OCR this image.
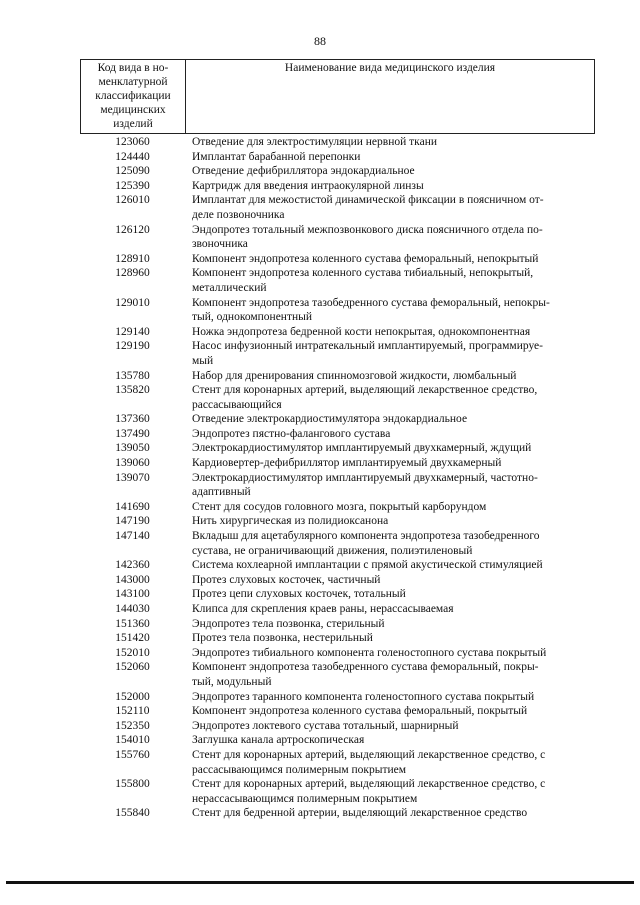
88
Код вида в но-
менклатурной
классификации
медицинских
изделий
Наименование вида медицинского изделия
123060	Отведение для электростимуляции нервной ткани
124440	Имплантат барабанной перепонки
125090	Отведение дефибриллятора эндокардиальное
125390	Картридж для введения интраокулярной линзы
126010	Имплантат для межостистой динамической фиксации в поясничном от-
деле позвоночника
126120	Эндопротез тотальный межпозвонкового диска поясничного отдела по-
звоночника
128910	Компонент эндопротеза коленного сустава феморальный, непокрытый
128960	Компонент эндопротеза коленного сустава тибиальный, непокрытый,
металлический
129010	Компонент эндопротеза тазобедренного сустава феморальный, непокры-
тый, однокомпонентный
129140	Ножка эндопротеза бедренной кости непокрытая, однокомпонентная
129190	Насос инфузионный интратекальный имплантируемый, программируе-
мый
135780	Набор для дренирования спинномозговой жидкости, люмбальный
135820	Стент для коронарных артерий, выделяющий лекарственное средство,
рассасывающийся
137360	Отведение электрокардиостимулятора эндокардиальное
137490	Эндопротез пястно-фалангового сустава
139050	Электрокардиостимулятор имплантируемый двухкамерный, ждущий
139060	Кардиовертер-дефибриллятор имплантируемый двухкамерный
139070	Электрокардиостимулятор имплантируемый двухкамерный, частотно-
адаптивный
141690	Стент для сосудов головного мозга, покрытый карборундом
147190	Нить хирургическая из полидиоксанона
147140	Вкладыш для ацетабулярного компонента эндопротеза тазобедренного
сустава, не ограничивающий движения, полиэтиленовый
142360	Система кохлеарной имплантации с прямой акустической стимуляцией
143000	Протез слуховых косточек, частичный
143100	Протез цепи слуховых косточек, тотальный
144030	Клипса для скрепления краев раны, нерассасываемая
151360	Эндопротез тела позвонка, стерильный
151420	Протез тела позвонка, нестерильный
152010	Эндопротез тибиального компонента голеностопного сустава покрытый
152060	Компонент эндопротеза тазобедренного сустава феморальный, покры-
тый, модульный
152000	Эндопротез таранного компонента голеностопного сустава покрытый
152110	Компонент эндопротеза коленного сустава феморальный, покрытый
152350	Эндопротез локтевого сустава тотальный, шарнирный
154010	Заглушка канала артроскопическая
155760	Стент для коронарных артерий, выделяющий лекарственное средство, с
рассасывающимся полимерным покрытием
155800	Стент для коронарных артерий, выделяющий лекарственное средство, с
нерассасывающимся полимерным покрытием
155840	Стент для бедренной артерии, выделяющий лекарственное средство
